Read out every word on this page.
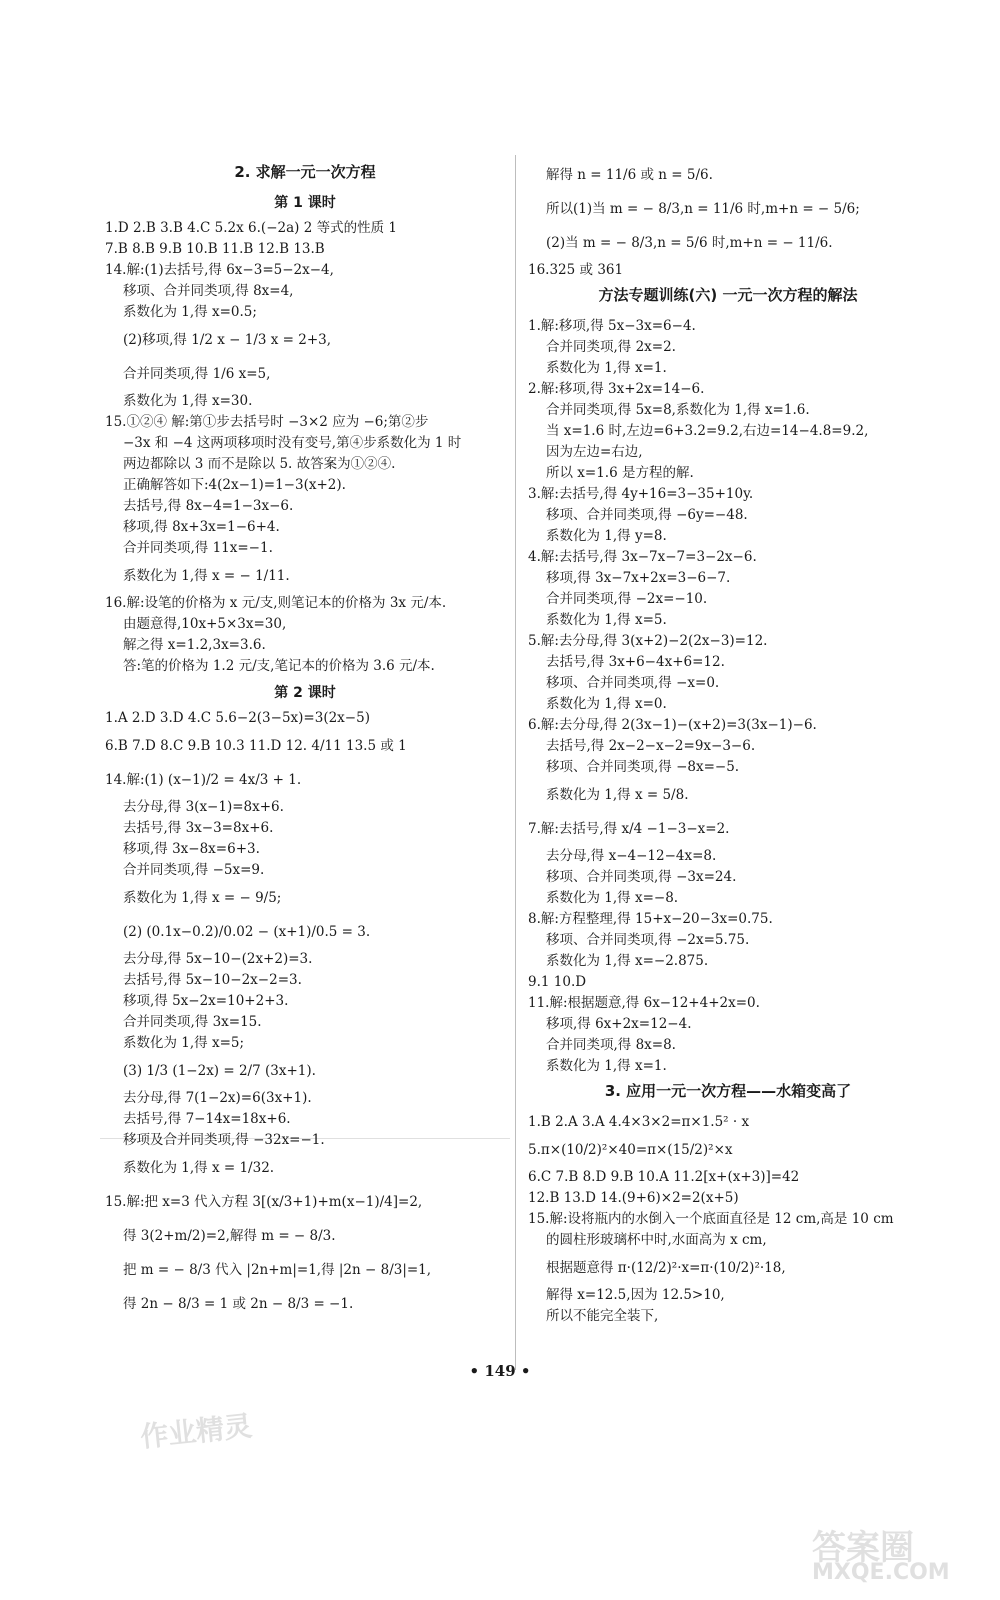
2. 求解一元一次方程
第 1 课时
1.D 2.B 3.B 4.C 5.2x 6.(−2a) 2 等式的性质 1
7.B 8.B 9.B 10.B 11.B 12.B 13.B
14.解:(1)去括号,得 6x−3=5−2x−4,
移项、合并同类项,得 8x=4,
系数化为 1,得 x=0.5;
(2)移项,得 1/2 x − 1/3 x = 2+3,
合并同类项,得 1/6 x=5,
系数化为 1,得 x=30.
15.①②④ 解:第①步去括号时 −3×2 应为 −6;第②步
−3x 和 −4 这两项移项时没有变号,第④步系数化为 1 时
两边都除以 3 而不是除以 5. 故答案为①②④.
正确解答如下:4(2x−1)=1−3(x+2).
去括号,得 8x−4=1−3x−6.
移项,得 8x+3x=1−6+4.
合并同类项,得 11x=−1.
系数化为 1,得 x = − 1/11.
16.解:设笔的价格为 x 元/支,则笔记本的价格为 3x 元/本.
由题意得,10x+5×3x=30,
解之得 x=1.2,3x=3.6.
答:笔的价格为 1.2 元/支,笔记本的价格为 3.6 元/本.
第 2 课时
1.A 2.D 3.D 4.C 5.6−2(3−5x)=3(2x−5)
6.B 7.D 8.C 9.B 10.3 11.D 12. 4/11 13.5 或 1
14.解:(1) (x−1)/2 = 4x/3 + 1.
去分母,得 3(x−1)=8x+6.
去括号,得 3x−3=8x+6.
移项,得 3x−8x=6+3.
合并同类项,得 −5x=9.
系数化为 1,得 x = − 9/5;
(2) (0.1x−0.2)/0.02 − (x+1)/0.5 = 3.
去分母,得 5x−10−(2x+2)=3.
去括号,得 5x−10−2x−2=3.
移项,得 5x−2x=10+2+3.
合并同类项,得 3x=15.
系数化为 1,得 x=5;
(3) 1/3 (1−2x) = 2/7 (3x+1).
去分母,得 7(1−2x)=6(3x+1).
去括号,得 7−14x=18x+6.
移项及合并同类项,得 −32x=−1.
系数化为 1,得 x = 1/32.
15.解:把 x=3 代入方程 3[(x/3+1)+m(x−1)/4]=2,
得 3(2+m/2)=2,解得 m = − 8/3.
把 m = − 8/3 代入 |2n+m|=1,得 |2n − 8/3|=1,
得 2n − 8/3 = 1 或 2n − 8/3 = −1.
解得 n = 11/6 或 n = 5/6.
所以(1)当 m = − 8/3,n = 11/6 时,m+n = − 5/6;
(2)当 m = − 8/3,n = 5/6 时,m+n = − 11/6.
16.325 或 361
方法专题训练(六) 一元一次方程的解法
1.解:移项,得 5x−3x=6−4.
合并同类项,得 2x=2.
系数化为 1,得 x=1.
2.解:移项,得 3x+2x=14−6.
合并同类项,得 5x=8,系数化为 1,得 x=1.6.
当 x=1.6 时,左边=6+3.2=9.2,右边=14−4.8=9.2,
因为左边=右边,
所以 x=1.6 是方程的解.
3.解:去括号,得 4y+16=3−35+10y.
移项、合并同类项,得 −6y=−48.
系数化为 1,得 y=8.
4.解:去括号,得 3x−7x−7=3−2x−6.
移项,得 3x−7x+2x=3−6−7.
合并同类项,得 −2x=−10.
系数化为 1,得 x=5.
5.解:去分母,得 3(x+2)−2(2x−3)=12.
去括号,得 3x+6−4x+6=12.
移项、合并同类项,得 −x=0.
系数化为 1,得 x=0.
6.解:去分母,得 2(3x−1)−(x+2)=3(3x−1)−6.
去括号,得 2x−2−x−2=9x−3−6.
移项、合并同类项,得 −8x=−5.
系数化为 1,得 x = 5/8.
7.解:去括号,得 x/4 −1−3−x=2.
去分母,得 x−4−12−4x=8.
移项、合并同类项,得 −3x=24.
系数化为 1,得 x=−8.
8.解:方程整理,得 15+x−20−3x=0.75.
移项、合并同类项,得 −2x=5.75.
系数化为 1,得 x=−2.875.
9.1 10.D
11.解:根据题意,得 6x−12+4+2x=0.
移项,得 6x+2x=12−4.
合并同类项,得 8x=8.
系数化为 1,得 x=1.
3. 应用一元一次方程——水箱变高了
1.B 2.A 3.A 4.4×3×2=π×1.5² · x
5.π×(10/2)²×40=π×(15/2)²×x
6.C 7.B 8.D 9.B 10.A 11.2[x+(x+3)]=42
12.B 13.D 14.(9+6)×2=2(x+5)
15.解:设将瓶内的水倒入一个底面直径是 12 cm,高是 10 cm
的圆柱形玻璃杯中时,水面高为 x cm,
根据题意得 π·(12/2)²·x=π·(10/2)²·18,
解得 x=12.5,因为 12.5>10,
所以不能完全装下,
• 149 •
作业精灵
答案圈
MXQE.COM
